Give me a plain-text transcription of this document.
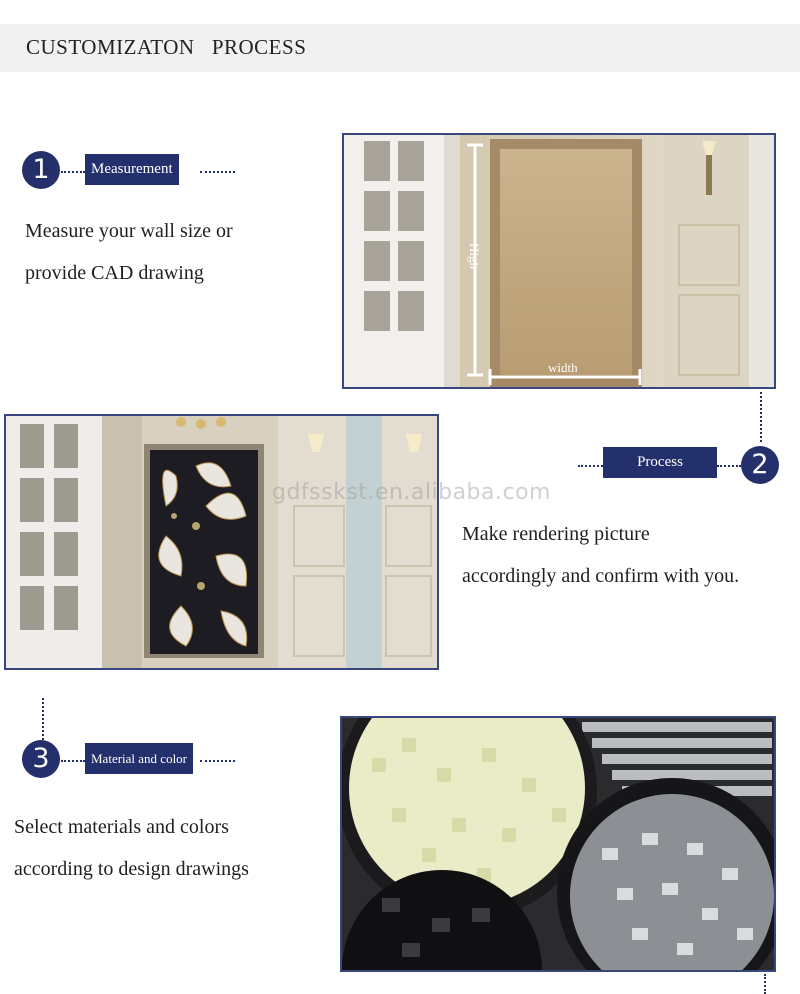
CUSTOMIZATON   PROCESS
1	Measurement
Measure your wall size or
provide CAD drawing
High
width
Process	2
Make rendering picture
accordingly and confirm with you.
gdfsskst.en.alibaba.com
3	Material and color
Select materials and colors
according to design drawings
